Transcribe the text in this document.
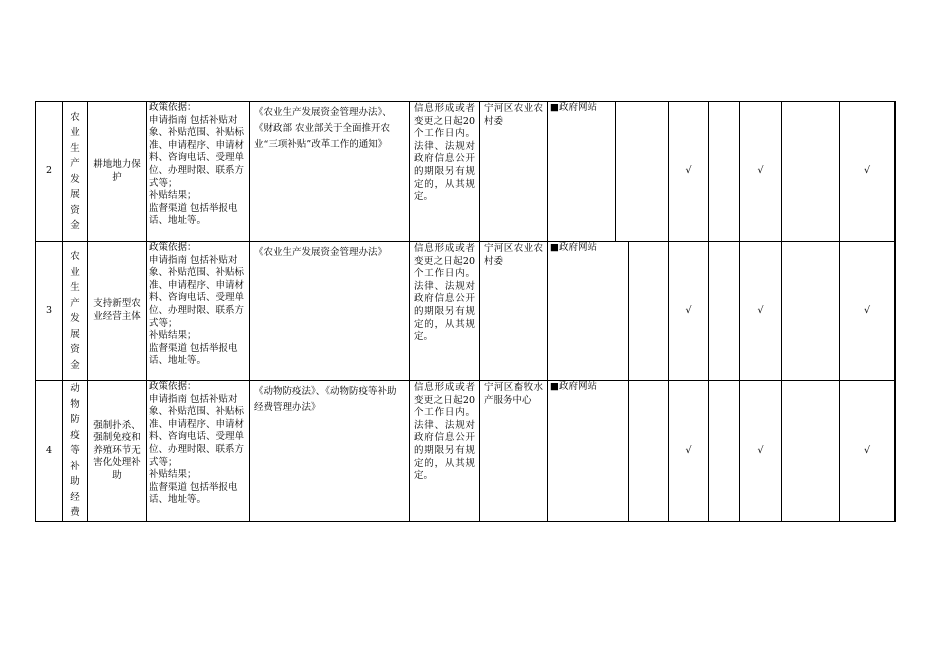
2	农业生产发展资金	耕地地力保护	政策依据：
申请指南 包括补贴对象、补贴范围、补贴标准、申请程序、申请材料、咨询电话、受理单位、办理时限、联系方式等；
补贴结果；
监督渠道 包括举报电话、地址等。	《农业生产发展资金管理办法》、《财政部 农业部关于全面推开农业“三项补贴”改革工作的通知》	信息形成或者变更之日起20个工作日内。法律、法规对政府信息公开的期限另有规定的，从其规定。	宁河区农业农村委	■政府网站	√		√		√	
3	农业生产发展资金	支持新型农业经营主体	政策依据：
申请指南 包括补贴对象、补贴范围、补贴标准、申请程序、申请材料、咨询电话、受理单位、办理时限、联系方式等；
补贴结果；
监督渠道 包括举报电话、地址等。	《农业生产发展资金管理办法》	信息形成或者变更之日起20个工作日内。法律、法规对政府信息公开的期限另有规定的，从其规定。	宁河区农业农村委	■政府网站	√		√		√	
4	动物防疫等补助经费	强制扑杀、强制免疫和养殖环节无害化处理补助	政策依据：
申请指南 包括补贴对象、补贴范围、补贴标准、申请程序、申请材料、咨询电话、受理单位、办理时限、联系方式等；
补贴结果；
监督渠道 包括举报电话、地址等。	《动物防疫法》、《动物防疫等补助经费管理办法》	信息形成或者变更之日起20个工作日内。法律、法规对政府信息公开的期限另有规定的，从其规定。	宁河区畜牧水产服务中心	■政府网站	√		√		√	
